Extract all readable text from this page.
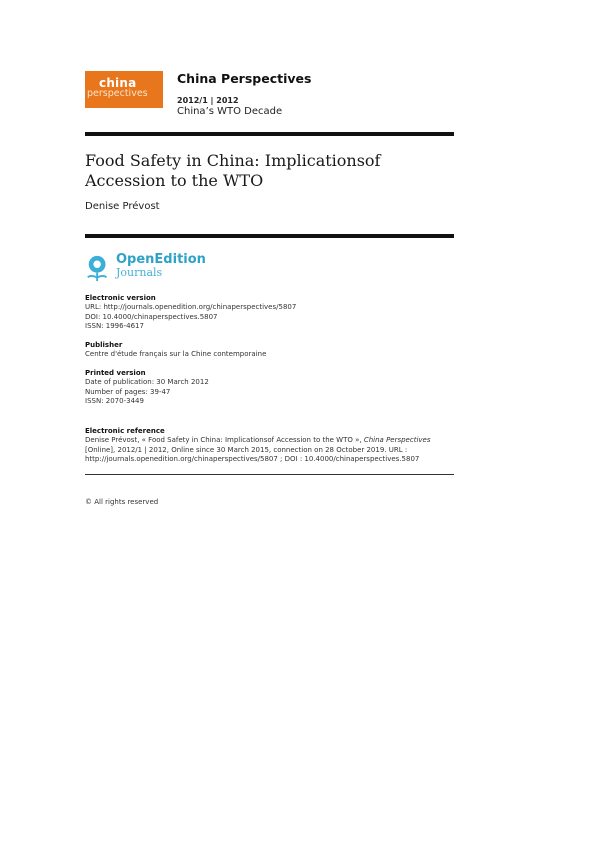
china
perspectives
China Perspectives
2012/1 | 2012
China’s WTO Decade
Food Safety in China: Implicationsof Accession to the WTO
Denise Prévost
OpenEdition
Journals
Electronic version
URL: http://journals.openedition.org/chinaperspectives/5807
DOI: 10.4000/chinaperspectives.5807
ISSN: 1996-4617
Publisher
Centre d'étude français sur la Chine contemporaine
Printed version
Date of publication: 30 March 2012
Number of pages: 39-47
ISSN: 2070-3449
Electronic reference
Denise Prévost, « Food Safety in China: Implicationsof Accession to the WTO », China Perspectives [Online], 2012/1 | 2012, Online since 30 March 2015, connection on 28 October 2019. URL : http://journals.openedition.org/chinaperspectives/5807 ; DOI : 10.4000/chinaperspectives.5807
© All rights reserved
